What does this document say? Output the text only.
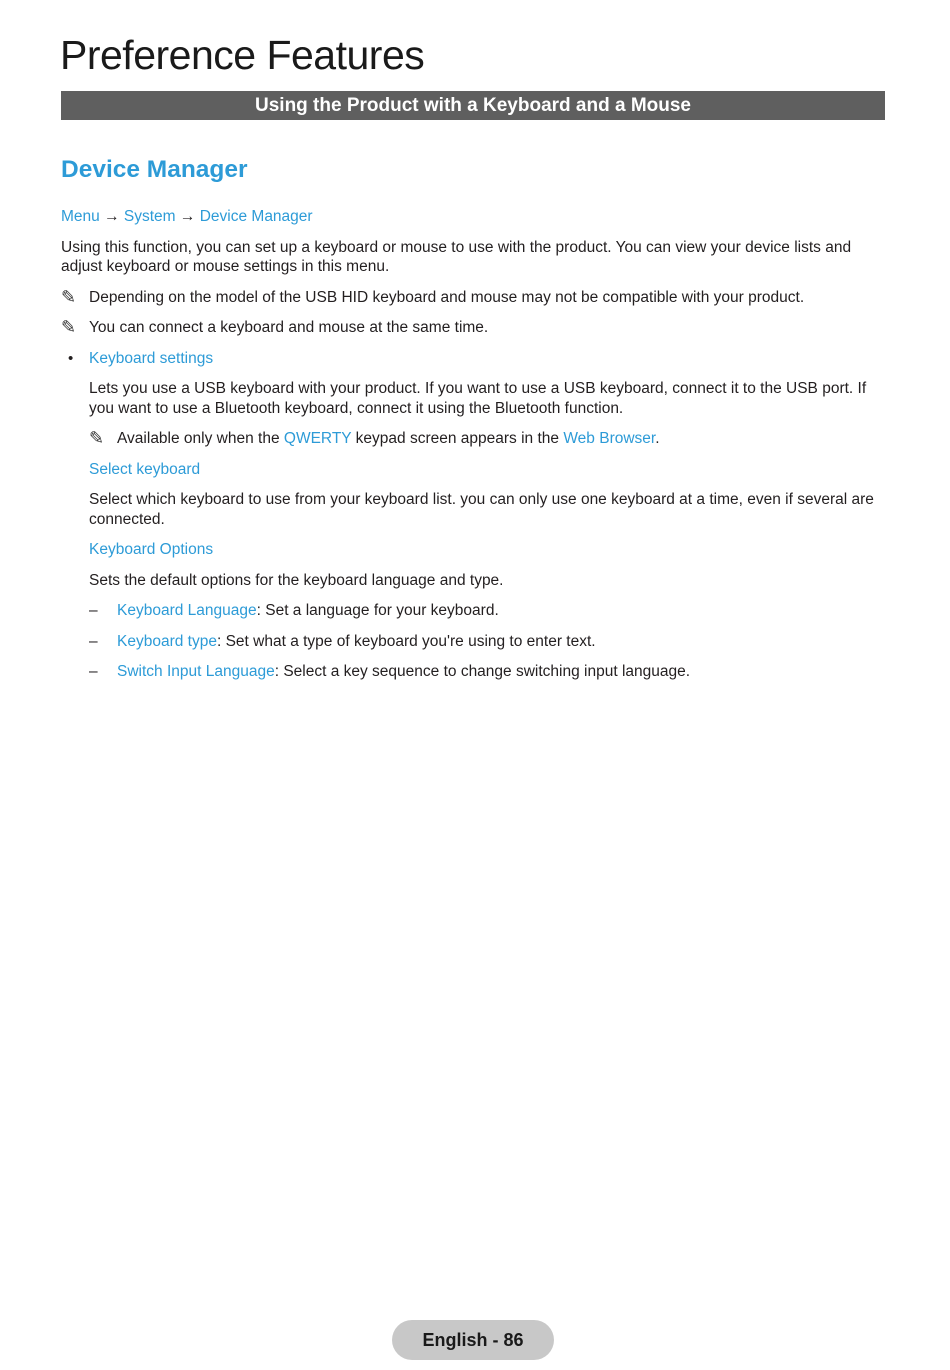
Preference Features
Using the Product with a Keyboard and a Mouse
Device Manager

Menu → System → Device Manager

Using this function, you can set up a keyboard or mouse to use with the product. You can view your device lists and adjust keyboard or mouse settings in this menu.

✎ Depending on the model of the USB HID keyboard and mouse may not be compatible with your product.
✎ You can connect a keyboard and mouse at the same time.
•	Keyboard settings

Lets you use a USB keyboard with your product. If you want to use a USB keyboard, connect it to the USB port. If you want to use a Bluetooth keyboard, connect it using the Bluetooth function.

✎ Available only when the QWERTY keypad screen appears in the Web Browser.

Select keyboard

Select which keyboard to use from your keyboard list. you can only use one keyboard at a time, even if several are connected.

Keyboard Options

Sets the default options for the keyboard language and type.

–	Keyboard Language: Set a language for your keyboard.
–	Keyboard type: Set what a type of keyboard you're using to enter text.
–	Switch Input Language: Select a key sequence to change switching input language.
English - 86
